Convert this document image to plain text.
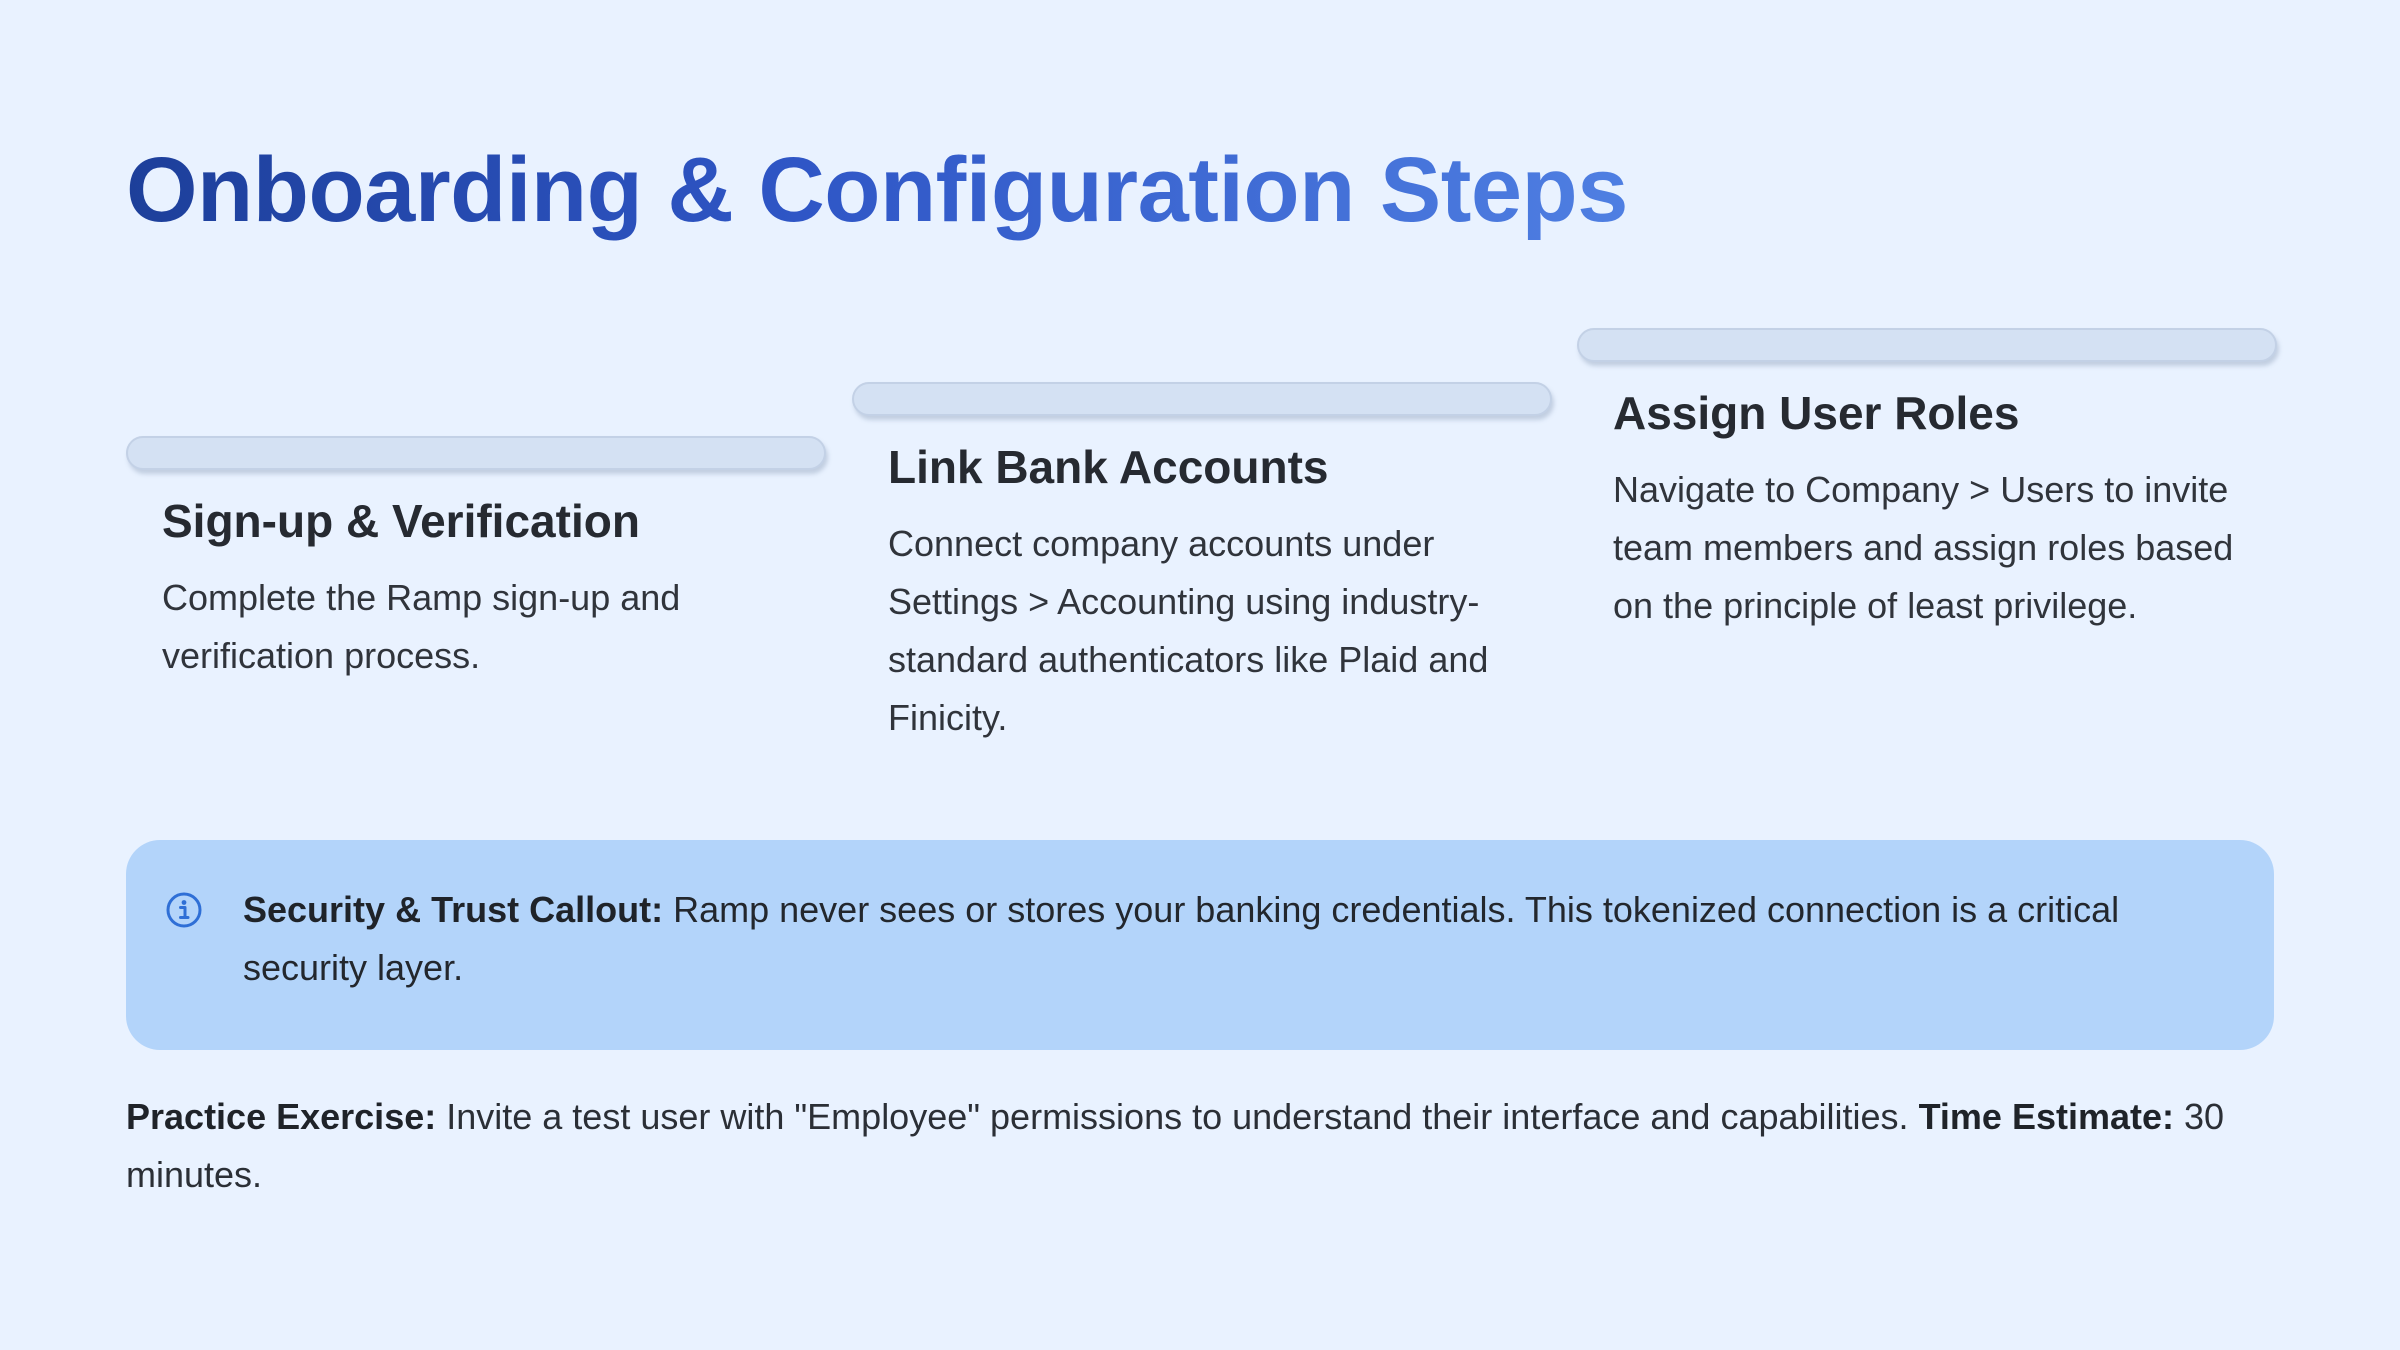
Onboarding & Configuration Steps
Sign-up & Verification
Complete the Ramp sign-up and verification process.
Link Bank Accounts
Connect company accounts under Settings > Accounting using industry-standard authenticators like Plaid and Finicity.
Assign User Roles
Navigate to Company > Users to invite team members and assign roles based on the principle of least privilege.
Security & Trust Callout: Ramp never sees or stores your banking credentials. This tokenized connection is a critical security layer.
Practice Exercise: Invite a test user with "Employee" permissions to understand their interface and capabilities. Time Estimate: 30 minutes.
